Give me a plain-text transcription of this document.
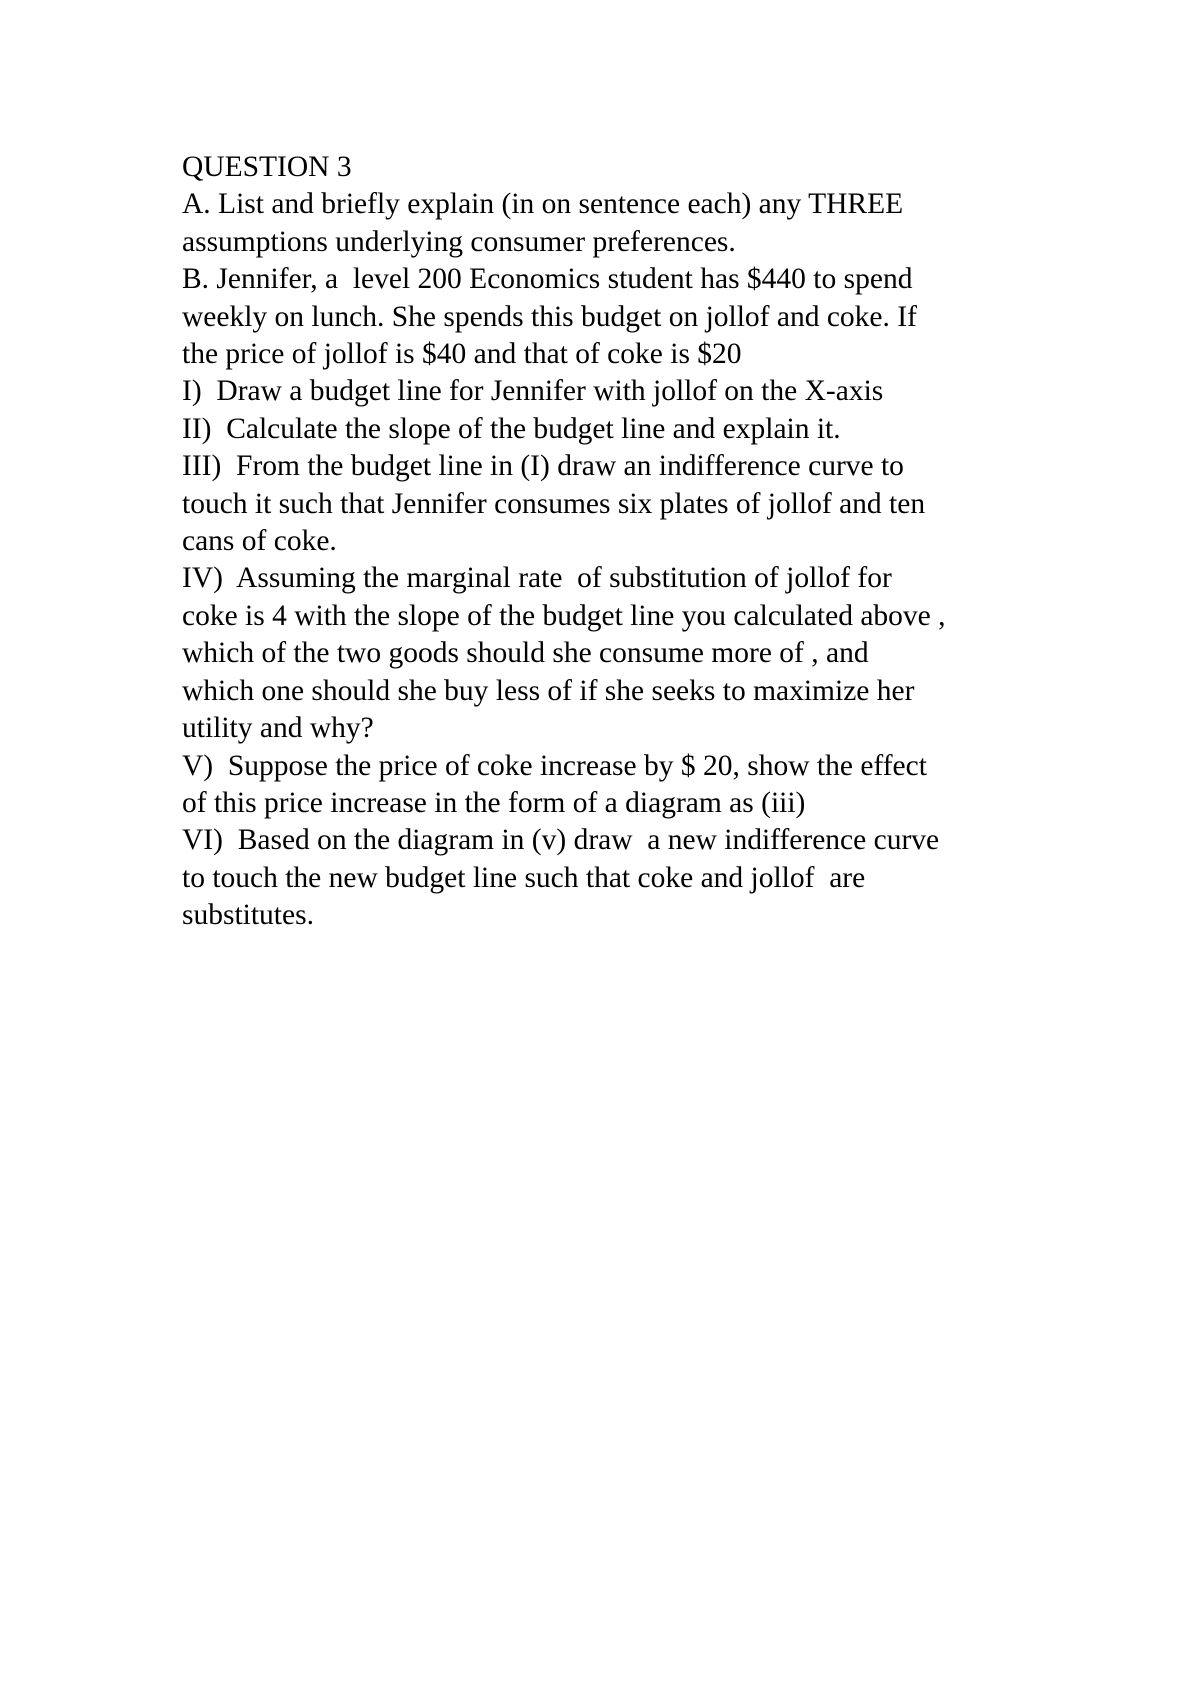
QUESTION 3
A. List and briefly explain (in on sentence each) any THREE
assumptions underlying consumer preferences.
B. Jennifer, a  level 200 Economics student has $440 to spend
weekly on lunch. She spends this budget on jollof and coke. If
the price of jollof is $40 and that of coke is $20
I)  Draw a budget line for Jennifer with jollof on the X-axis
II)  Calculate the slope of the budget line and explain it.
III)  From the budget line in (I) draw an indifference curve to
touch it such that Jennifer consumes six plates of jollof and ten
cans of coke.
IV)  Assuming the marginal rate  of substitution of jollof for
coke is 4 with the slope of the budget line you calculated above ,
which of the two goods should she consume more of , and
which one should she buy less of if she seeks to maximize her
utility and why?
V)  Suppose the price of coke increase by $ 20, show the effect
of this price increase in the form of a diagram as (iii)
VI)  Based on the diagram in (v) draw  a new indifference curve
to touch the new budget line such that coke and jollof  are
substitutes.
